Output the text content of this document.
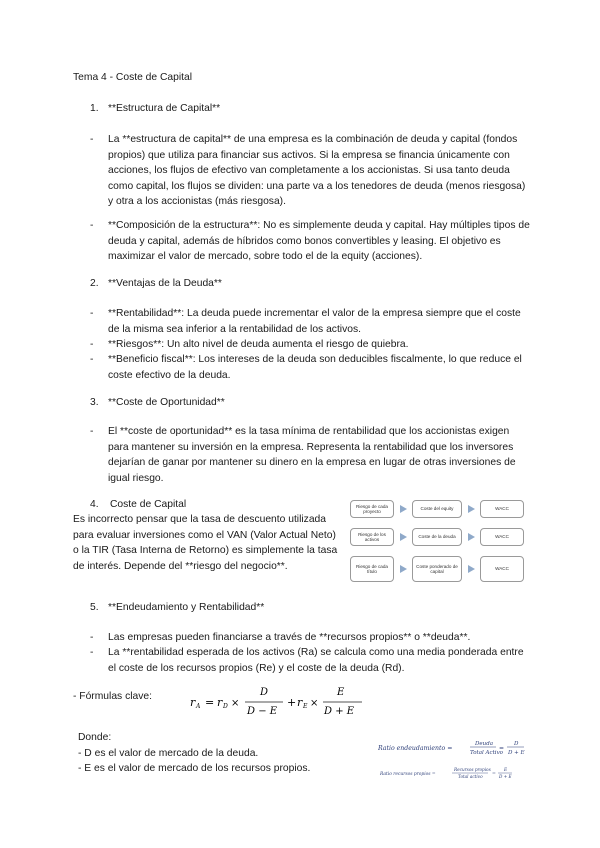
Tema 4 - Coste de Capital
1. **Estructura de Capital**
-	La **estructura de capital** de una empresa es la combinación de deuda y capital (fondos propios) que utiliza para financiar sus activos. Si la empresa se financia únicamente con acciones, los flujos de efectivo van completamente a los accionistas. Si usa tanto deuda como capital, los flujos se dividen: una parte va a los tenedores de deuda (menos riesgosa) y otra a los accionistas (más riesgosa).
-	**Composición de la estructura**: No es simplemente deuda y capital. Hay múltiples tipos de deuda y capital, además de híbridos como bonos convertibles y leasing. El objetivo es maximizar el valor de mercado, sobre todo el de la equity (acciones).
2. **Ventajas de la Deuda**
-	**Rentabilidad**: La deuda puede incrementar el valor de la empresa siempre que el coste de la misma sea inferior a la rentabilidad de los activos.
-	**Riesgos**: Un alto nivel de deuda aumenta el riesgo de quiebra.
-	**Beneficio fiscal**: Los intereses de la deuda son deducibles fiscalmente, lo que reduce el coste efectivo de la deuda.
3. **Coste de Oportunidad**
-	El **coste de oportunidad** es la tasa mínima de rentabilidad que los accionistas exigen para mantener su inversión en la empresa. Representa la rentabilidad que los inversores dejarían de ganar por mantener su dinero en la empresa en lugar de otras inversiones de igual riesgo.
4.	Coste de Capital
Es incorrecto pensar que la tasa de descuento utilizada para evaluar inversiones como el VAN (Valor Actual Neto) o la TIR (Tasa Interna de Retorno) es simplemente la tasa de interés. Depende del **riesgo del negocio**.
Riesgo de cada proyecto
Coste del equity	WACC
Riesgo de los activos
Coste de la deuda	WACC
Riesgo de cada título
Coste ponderado de capital
WACC
5. **Endeudamiento y Rentabilidad**
-	Las empresas pueden financiarse a través de **recursos propios** o **deuda**.
-	La **rentabilidad esperada de los activos (Ra) se calcula como una media ponderada entre el coste de los recursos propios (Re) y el coste de la deuda (Rd).
- Fórmulas clave:	r A = r D ×
D
D − E
+ r E ×
E
D + E
Donde:
- D es el valor de mercado de la deuda.
- E es el valor de mercado de los recursos propios.
Ratio endeudamiento =
Deuda
Total Activo
=
D
D + E
Ratio recursos propios =
Recursos propios
Total activo =
E
D + E
